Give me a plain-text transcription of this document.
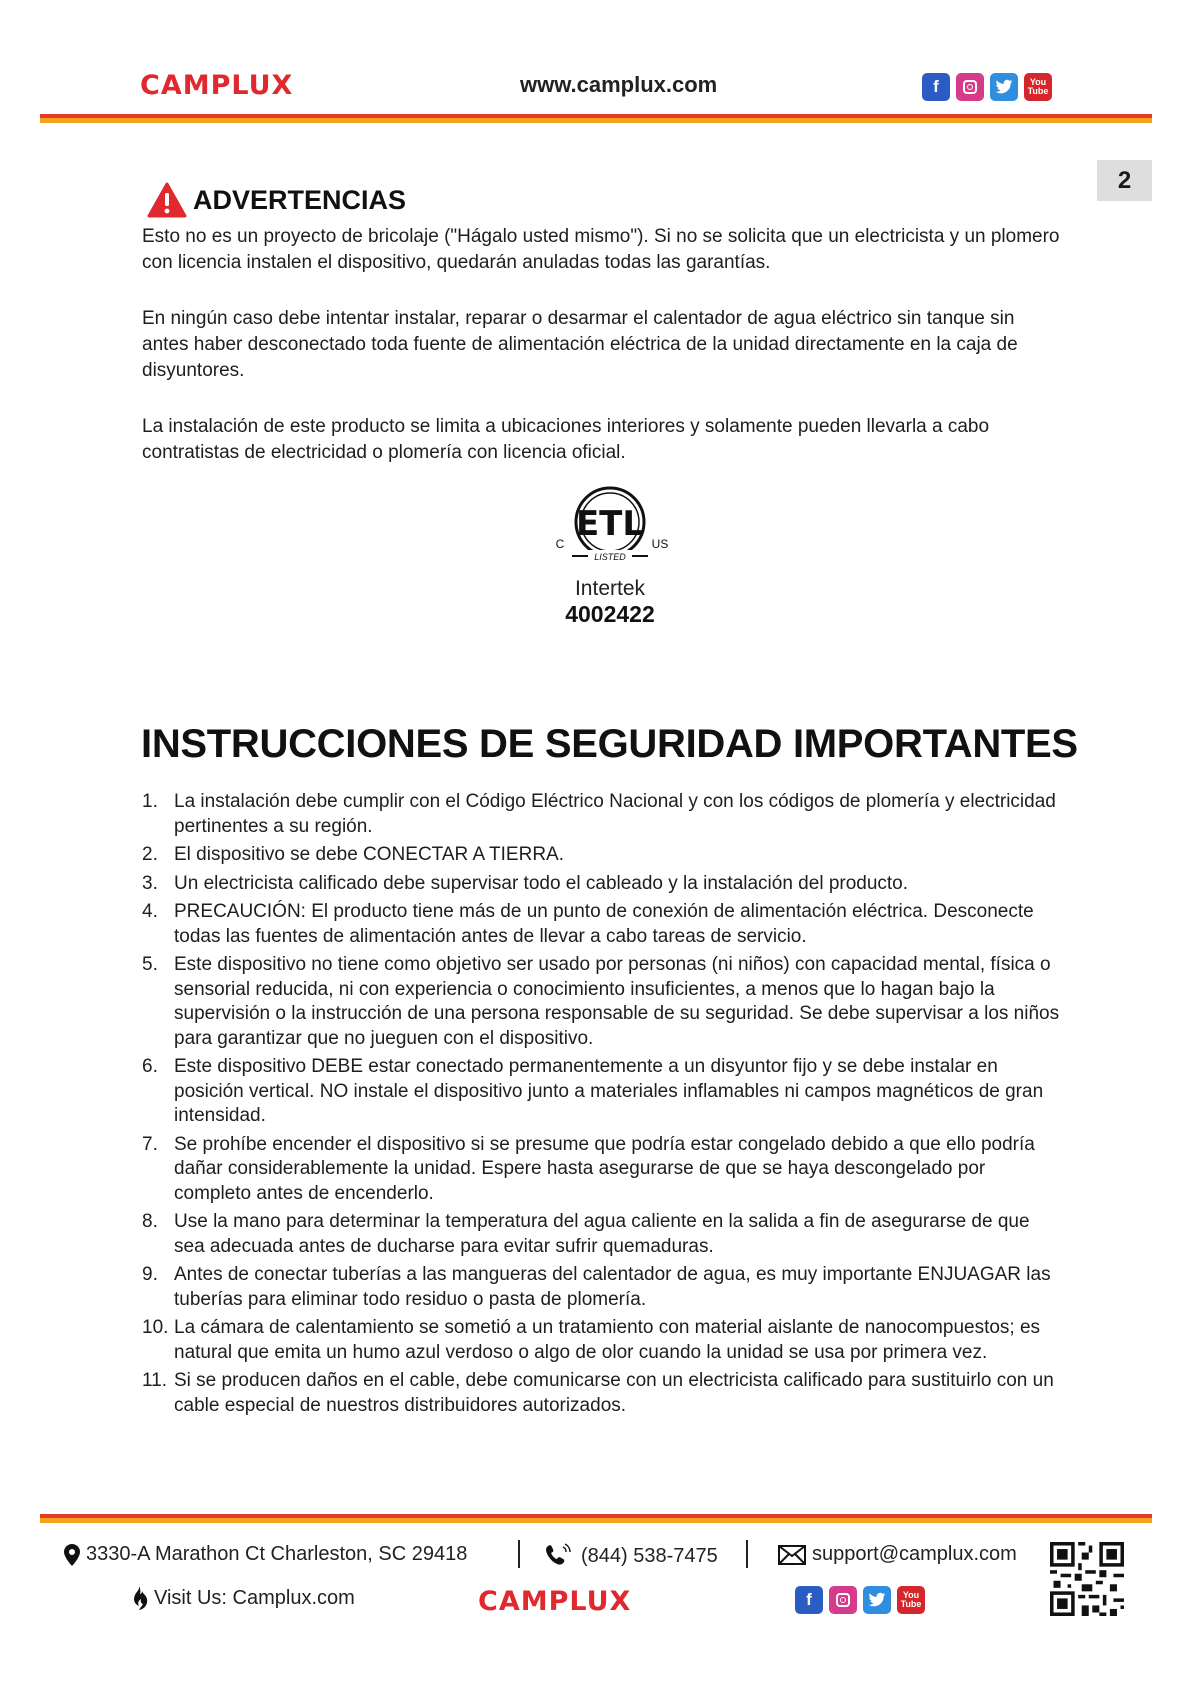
CAMPLUX	www.camplux.com	f	You
Tube
2
ADVERTENCIAS
Esto no es un proyecto de bricolaje ("Hágalo usted mismo"). Si no se solicita que un electricista y un plomero con licencia instalen el dispositivo, quedarán anuladas todas las garantías.
En ningún caso debe intentar instalar, reparar o desarmar el calentador de agua eléctrico sin tanque sin antes haber desconectado toda fuente de alimentación eléctrica de la unidad directamente en la caja de disyuntores.
La instalación de este producto se limita a ubicaciones interiores y solamente pueden llevarla a cabo contratistas de electricidad o plomería con licencia oficial.
ETL
C	US
LISTED
Intertek
4002422
INSTRUCCIONES DE SEGURIDAD IMPORTANTES
1. La instalación debe cumplir con el Código Eléctrico Nacional y con los códigos de plomería y electricidad pertinentes a su región.
2. El dispositivo se debe CONECTAR A TIERRA.
3. Un electricista calificado debe supervisar todo el cableado y la instalación del producto.
4. PRECAUCIÓN: El producto tiene más de un punto de conexión de alimentación eléctrica. Desconecte todas las fuentes de alimentación antes de llevar a cabo tareas de servicio.
5. Este dispositivo no tiene como objetivo ser usado por personas (ni niños) con capacidad mental, física o sensorial reducida, ni con experiencia o conocimiento insuficientes, a menos que lo hagan bajo la supervisión o la instrucción de una persona responsable de su seguridad. Se debe supervisar a los niños para garantizar que no jueguen con el dispositivo.
6. Este dispositivo DEBE estar conectado permanentemente a un disyuntor fijo y se debe instalar en posición vertical. NO instale el dispositivo junto a materiales inflamables ni campos magnéticos de gran intensidad.
7. Se prohíbe encender el dispositivo si se presume que podría estar congelado debido a que ello podría dañar considerablemente la unidad. Espere hasta asegurarse de que se haya descongelado por completo antes de encenderlo.
8. Use la mano para determinar la temperatura del agua caliente en la salida a fin de asegurarse de que sea adecuada antes de ducharse para evitar sufrir quemaduras.
9. Antes de conectar tuberías a las mangueras del calentador de agua, es muy importante ENJUAGAR las tuberías para eliminar todo residuo o pasta de plomería.
10. La cámara de calentamiento se sometió a un tratamiento con material aislante de nanocompuestos; es natural que emita un humo azul verdoso o algo de olor cuando la unidad se usa por primera vez.
11. Si se producen daños en el cable, debe comunicarse con un electricista calificado para sustituirlo con un cable especial de nuestros distribuidores autorizados.
3330-A Marathon Ct Charleston, SC 29418	(844) 538-7475	support@camplux.com
Visit Us: Camplux.com	CAMPLUX	f	You
Tube
